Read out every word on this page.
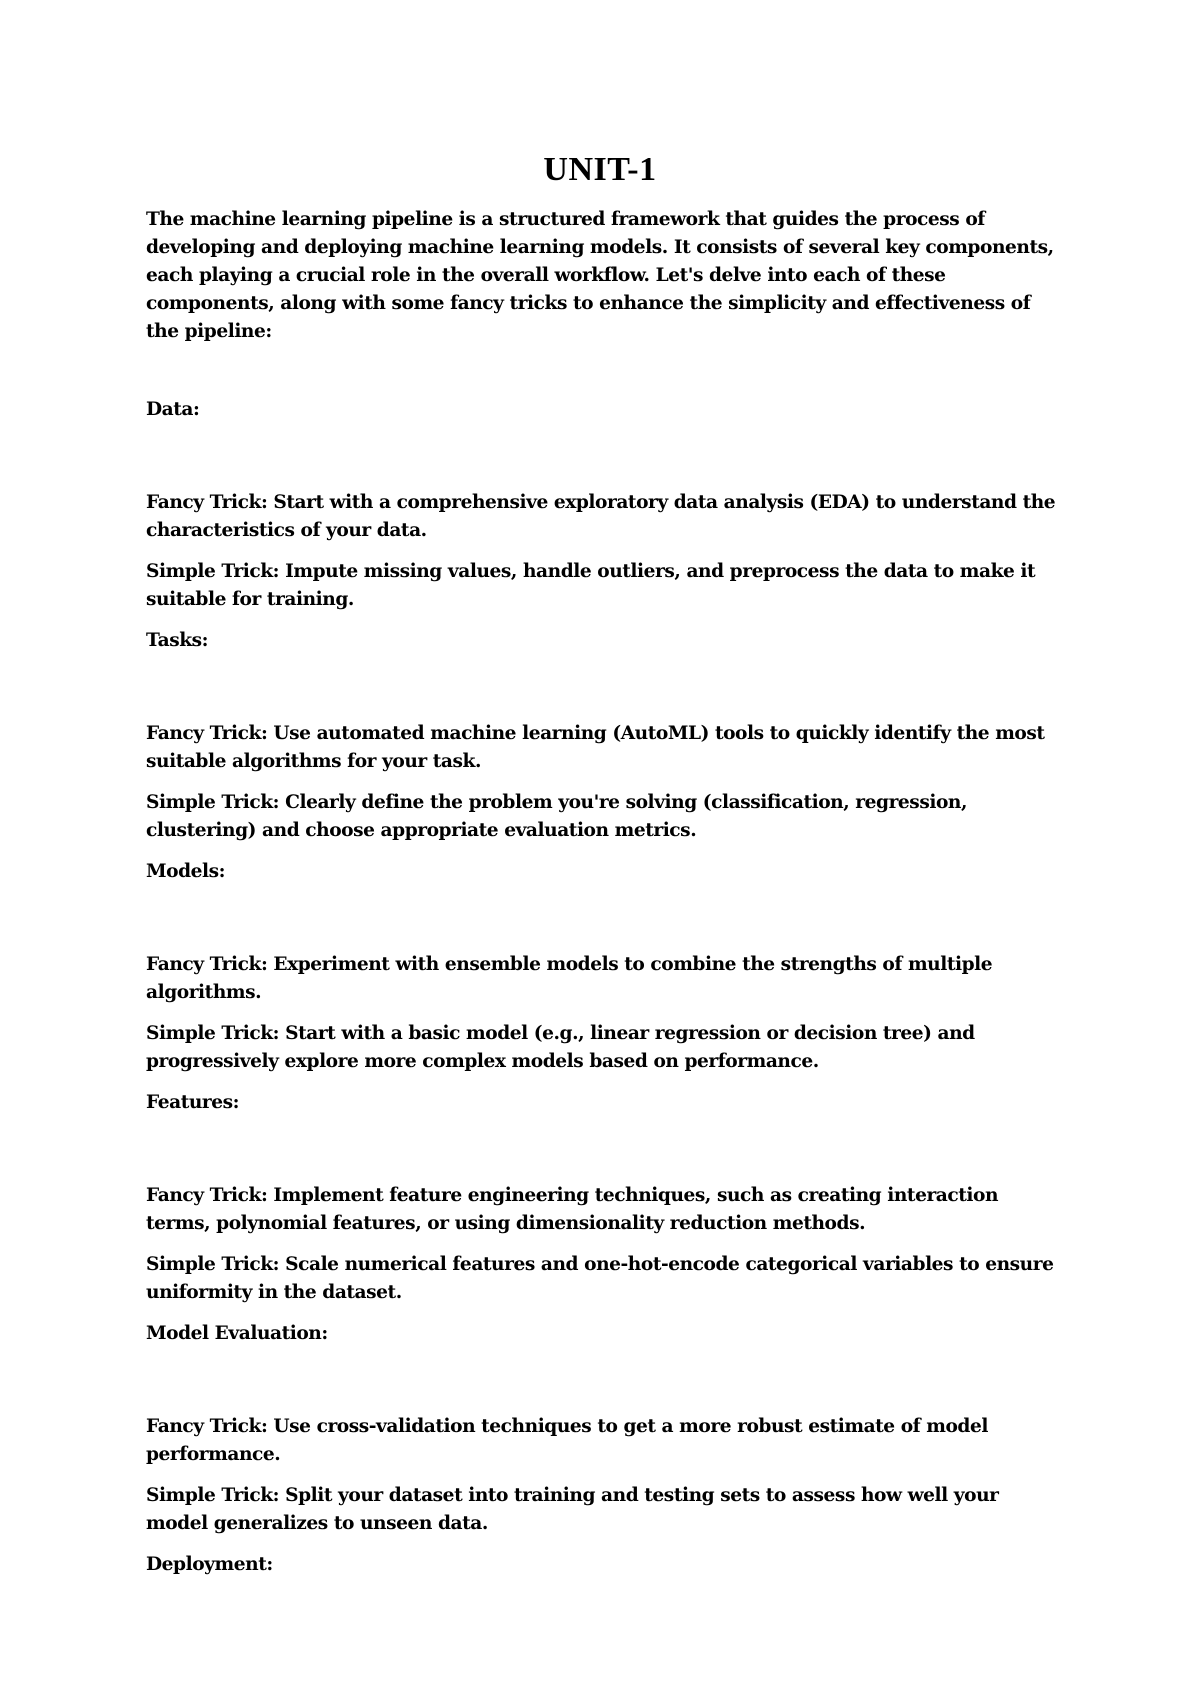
UNIT-1

The machine learning pipeline is a structured framework that guides the process of developing and deploying machine learning models. It consists of several key components, each playing a crucial role in the overall workflow. Let's delve into each of these components, along with some fancy tricks to enhance the simplicity and effectiveness of the pipeline:

Data:

Fancy Trick: Start with a comprehensive exploratory data analysis (EDA) to understand the characteristics of your data.

Simple Trick: Impute missing values, handle outliers, and preprocess the data to make it suitable for training.

Tasks:

Fancy Trick: Use automated machine learning (AutoML) tools to quickly identify the most suitable algorithms for your task.

Simple Trick: Clearly define the problem you're solving (classification, regression, clustering) and choose appropriate evaluation metrics.

Models:

Fancy Trick: Experiment with ensemble models to combine the strengths of multiple algorithms.

Simple Trick: Start with a basic model (e.g., linear regression or decision tree) and progressively explore more complex models based on performance.

Features:

Fancy Trick: Implement feature engineering techniques, such as creating interaction terms, polynomial features, or using dimensionality reduction methods.

Simple Trick: Scale numerical features and one-hot-encode categorical variables to ensure uniformity in the dataset.

Model Evaluation:

Fancy Trick: Use cross-validation techniques to get a more robust estimate of model performance.

Simple Trick: Split your dataset into training and testing sets to assess how well your model generalizes to unseen data.

Deployment:
